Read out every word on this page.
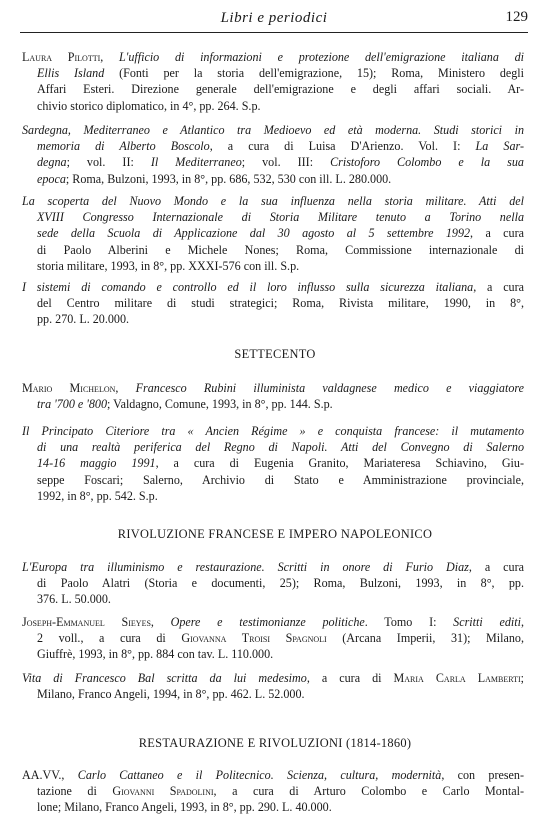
Libri e periodici	129

Laura Pilotti, L'ufficio di informazioni e protezione dell'emigrazione italiana di
Ellis Island (Fonti per la storia dell'emigrazione, 15); Roma, Ministero degli
Affari Esteri. Direzione generale dell'emigrazione e degli affari sociali. Ar-
chivio storico diplomatico, in 4°, pp. 264. S.p.

Sardegna, Mediterraneo e Atlantico tra Medioevo ed età moderna. Studi storici in
memoria di Alberto Boscolo, a cura di Luisa D'Arienzo. Vol. I: La Sar-
degna; vol. II: Il Mediterraneo; vol. III: Cristoforo Colombo e la sua
epoca; Roma, Bulzoni, 1993, in 8°, pp. 686, 532, 530 con ill. L. 280.000.

La scoperta del Nuovo Mondo e la sua influenza nella storia militare. Atti del
XVIII Congresso Internazionale di Storia Militare tenuto a Torino nella
sede della Scuola di Applicazione dal 30 agosto al 5 settembre 1992, a cura
di Paolo Alberini e Michele Nones; Roma, Commissione internazionale di
storia militare, 1993, in 8°, pp. XXXI-576 con ill. S.p.

I sistemi di comando e controllo ed il loro influsso sulla sicurezza italiana, a cura
del Centro militare di studi strategici; Roma, Rivista militare, 1990, in 8°,
pp. 270. L. 20.000.

SETTECENTO

Mario Michelon, Francesco Rubini illuminista valdagnese medico e viaggiatore
tra '700 e '800; Valdagno, Comune, 1993, in 8°, pp. 144. S.p.

Il Principato Citeriore tra « Ancien Régime » e conquista francese: il mutamento
di una realtà periferica del Regno di Napoli. Atti del Convegno di Salerno
14-16 maggio 1991, a cura di Eugenia Granito, Mariateresa Schiavino, Giu-
seppe Foscari; Salerno, Archivio di Stato e Amministrazione provinciale,
1992, in 8°, pp. 542. S.p.

RIVOLUZIONE FRANCESE E IMPERO NAPOLEONICO

L'Europa tra illuminismo e restaurazione. Scritti in onore di Furio Diaz, a cura
di Paolo Alatri (Storia e documenti, 25); Roma, Bulzoni, 1993, in 8°, pp.
376. L. 50.000.

Joseph-Emmanuel Sieyes, Opere e testimonianze politiche. Tomo I: Scritti editi,
2 voll., a cura di Giovanna Troisi Spagnoli (Arcana Imperii, 31); Milano,
Giuffrè, 1993, in 8°, pp. 884 con tav. L. 110.000.

Vita di Francesco Bal scritta da lui medesimo, a cura di Maria Carla Lamberti;
Milano, Franco Angeli, 1994, in 8°, pp. 462. L. 52.000.

RESTAURAZIONE E RIVOLUZIONI (1814-1860)

AA.VV., Carlo Cattaneo e il Politecnico. Scienza, cultura, modernità, con presen-
tazione di Giovanni Spadolini, a cura di Arturo Colombo e Carlo Montal-
lone; Milano, Franco Angeli, 1993, in 8°, pp. 290. L. 40.000.
